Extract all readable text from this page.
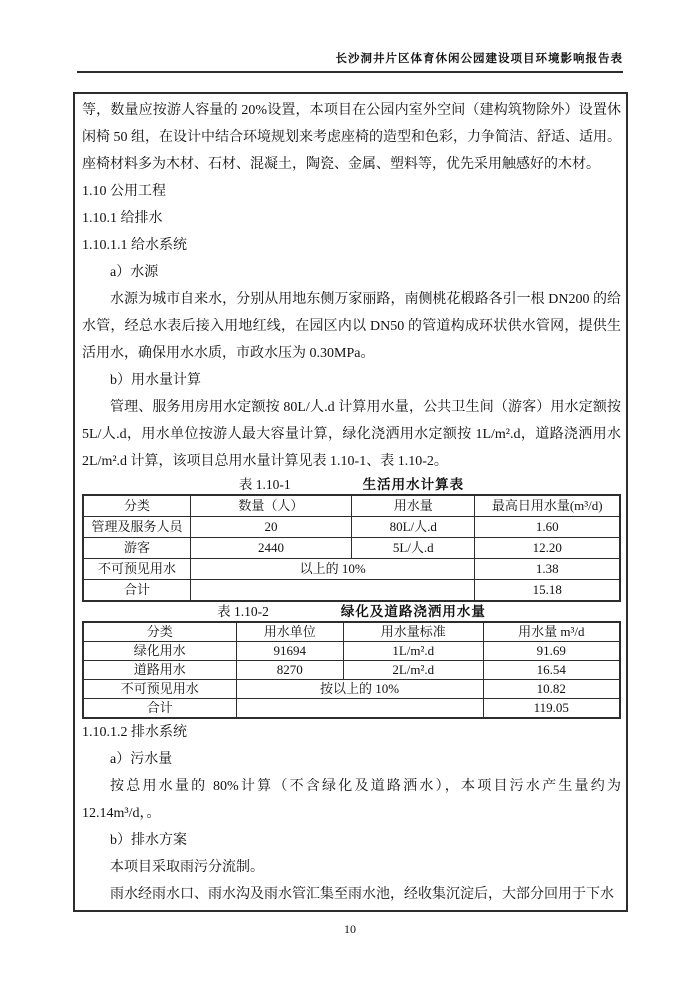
长沙洞井片区体育休闲公园建设项目环境影响报告表

等，数量应按游人容量的 20%设置，本项目在公园内室外空间（建构筑物除外）设置休闲椅 50 组，在设计中结合环境规划来考虑座椅的造型和色彩，力争简洁、舒适、适用。座椅材料多为木材、石材、混凝土，陶瓷、金属、塑料等，优先采用触感好的木材。

1.10 公用工程

1.10.1 给排水

1.10.1.1 给水系统

a）水源

水源为城市自来水，分别从用地东侧万家丽路，南侧桃花椴路各引一根 DN200 的给水管，经总水表后接入用地红线，在园区内以 DN50 的管道构成环状供水管网，提供生活用水，确保用水水质，市政水压为 0.30MPa。

b）用水量计算

管理、服务用房用水定额按 80L/人.d 计算用水量，公共卫生间（游客）用水定额按 5L/人.d，用水单位按游人最大容量计算，绿化浇洒用水定额按 1L/m².d，道路浇洒用水 2L/m².d 计算，该项目总用水量计算见表 1.10-1、表 1.10-2。

表 1.10-1	生活用水计算表
分类	数量（人）	用水量	最高日用水量(m³/d)
管理及服务人员	20	80L/人.d	1.60
游客	2440	5L/人.d	12.20
不可预见用水	以上的 10%		1.38
合计			15.18
表 1.10-2	绿化及道路浇洒用水量
分类	用水单位	用水量标准	用水量 m³/d
绿化用水	91694	1L/m².d	91.69
道路用水	8270	2L/m².d	16.54
不可预见用水	按以上的 10%		10.82
合计			119.05

1.10.1.2 排水系统

a）污水量

按总用水量的 80%计算（不含绿化及道路洒水），本项目污水产生量约为 12.14m³/d，。

b）排水方案

本项目采取雨污分流制。

雨水经雨水口、雨水沟及雨水管汇集至雨水池，经收集沉淀后，大部分回用于下水

10
